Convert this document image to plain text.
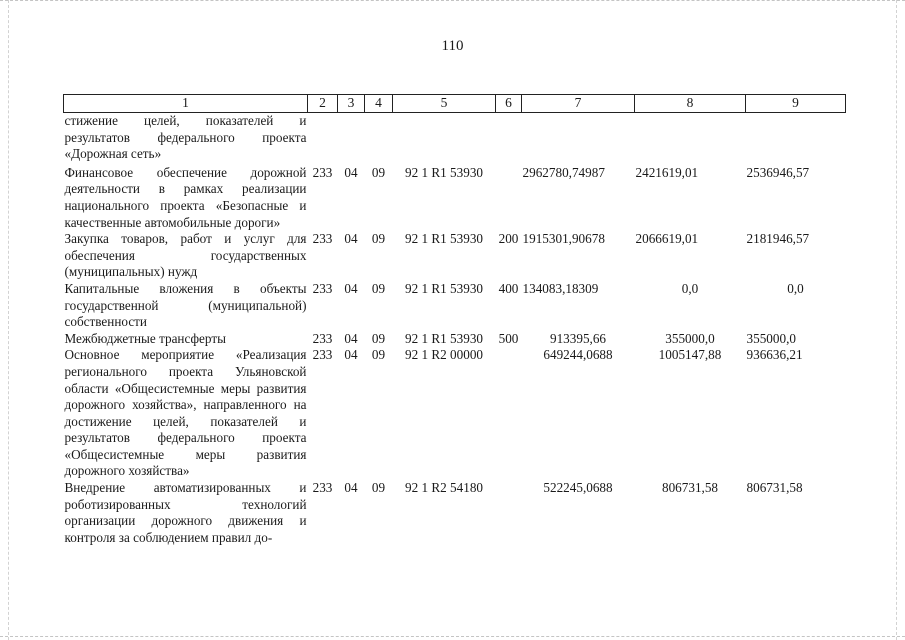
110
1	2	3	4	5	6	7	8	9
стижение целей, показателей и результатов федерального проекта «Дорожная сеть»								
Финансовое обеспечение дорожной деятельности в рамках реализации национального проекта «Безопасные и качественные автомобильные дороги»	233	04	09	92 1 R1 53930		2962780,74987	2421619,01	2536946,57
Закупка товаров, работ и услуг для обеспечения государственных (муниципальных) нужд	233	04	09	92 1 R1 53930	200	1915301,90678	2066619,01	2181946,57
Капитальные вложения в объекты государственной (муниципальной) собственности	233	04	09	92 1 R1 53930	400	134083,18309	0,0	0,0
Межбюджетные трансферты	233	04	09	92 1 R1 53930	500	913395,66	355000,0	355000,0
Основное мероприятие «Реализация регионального проекта Ульяновской области «Общесистемные меры развития дорожного хозяйства», направленного на достижение целей, показателей и результатов федерального проекта «Общесистемные меры развития дорожного хозяйства»	233	04	09	92 1 R2 00000		649244,0688	1005147,88	936636,21
Внедрение автоматизированных и роботизированных технологий организации дорожного движения и контроля за соблюдением правил до-	233	04	09	92 1 R2 54180		522245,0688	806731,58	806731,58
